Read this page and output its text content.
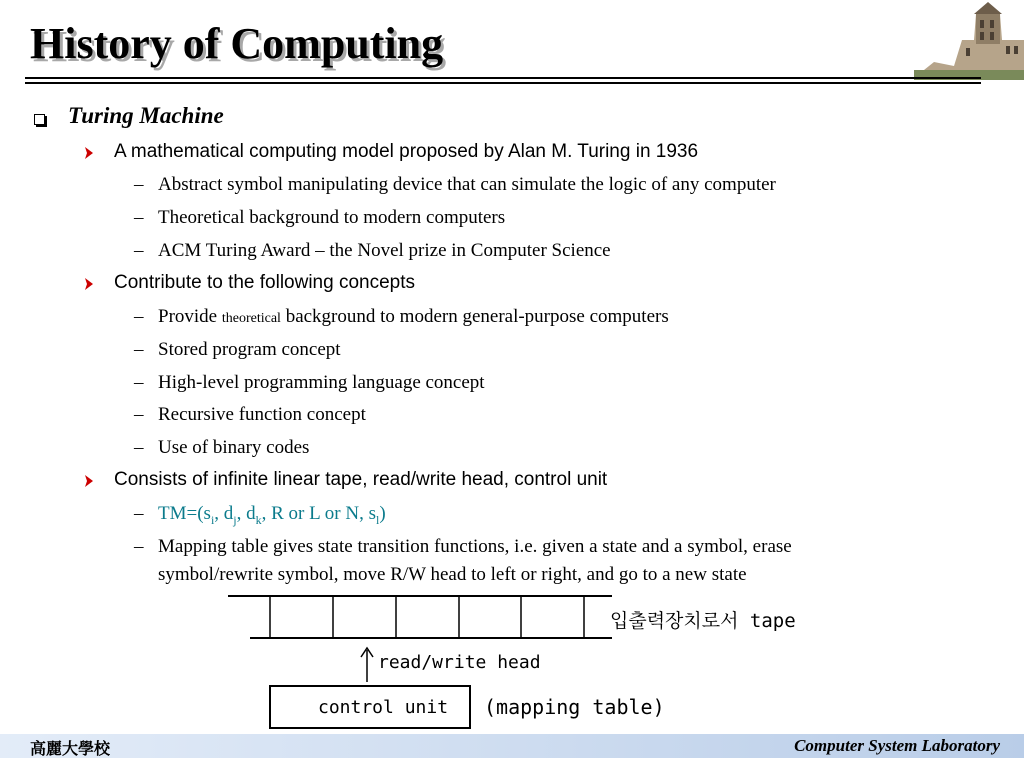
History of Computing
Turing Machine
A mathematical computing model proposed by Alan M. Turing in 1936
– Abstract symbol manipulating device that can simulate the logic of any computer
– Theoretical background to modern computers
– ACM Turing Award – the Novel prize in Computer Science
Contribute to the following concepts
– Provide theoretical background to modern general-purpose computers
– Stored program concept
– High-level programming language concept
– Recursive function concept
– Use of binary codes
Consists of infinite linear tape, read/write head, control unit
– $TM=(s_i$, $d_j$, $d_k$, R or L or N, $s_l$)
– Mapping table gives state transition functions, i.e. given a state and a symbol, erase
symbol/rewrite symbol, move R/W head to left or right, and go to a new state
입출력장치로서 tape
read/write head
control unit (mapping table)
高麗大學校	Computer System Laboratory
